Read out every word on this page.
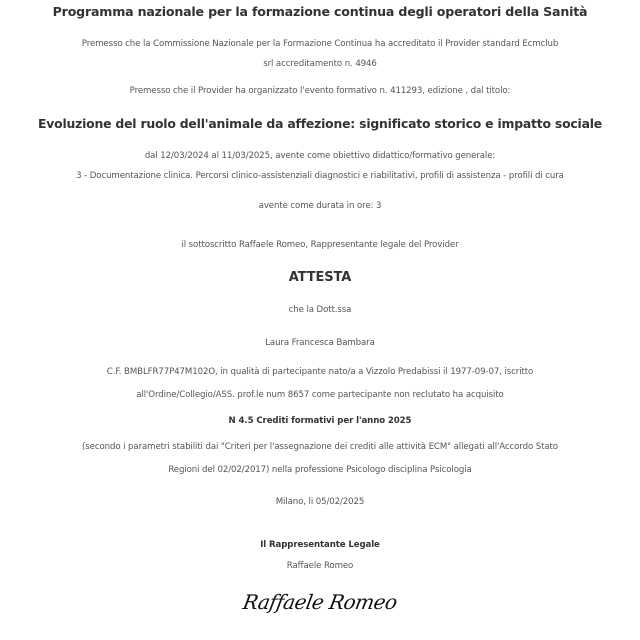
Programma nazionale per la formazione continua degli operatori della Sanità
Premesso che la Commissione Nazionale per la Formazione Continua ha accreditato il Provider standard Ecmclub
srl accreditamento n. 4946
Premesso che il Provider ha organizzato l'evento formativo n. 411293, edizione , dal titolo:
Evoluzione del ruolo dell'animale da affezione: significato storico e impatto sociale
dal 12/03/2024 al 11/03/2025, avente come obiettivo didattico/formativo generale:
3 - Documentazione clinica. Percorsi clinico-assistenziali diagnostici e riabilitativi, profili di assistenza - profili di cura
avente come durata in ore: 3
il sottoscritto Raffaele Romeo, Rappresentante legale del Provider
ATTESTA
che la Dott.ssa
Laura Francesca Bambara
C.F. BMBLFR77P47M102O, in qualità di partecipante nato/a a Vizzolo Predabissi il 1977-09-07, iscritto
all'Ordine/Collegio/ASS. prof.le num 8657 come partecipante non reclutato ha acquisito
N 4.5 Crediti formativi per l'anno 2025
(secondo i parametri stabiliti dai "Criteri per l'assegnazione dei crediti alle attività ECM" allegati all'Accordo Stato
Regioni del 02/02/2017) nella professione Psicologo disciplina Psicologia
Milano, li 05/02/2025
Il Rappresentante Legale
Raffaele Romeo
Raffaele Romeo
